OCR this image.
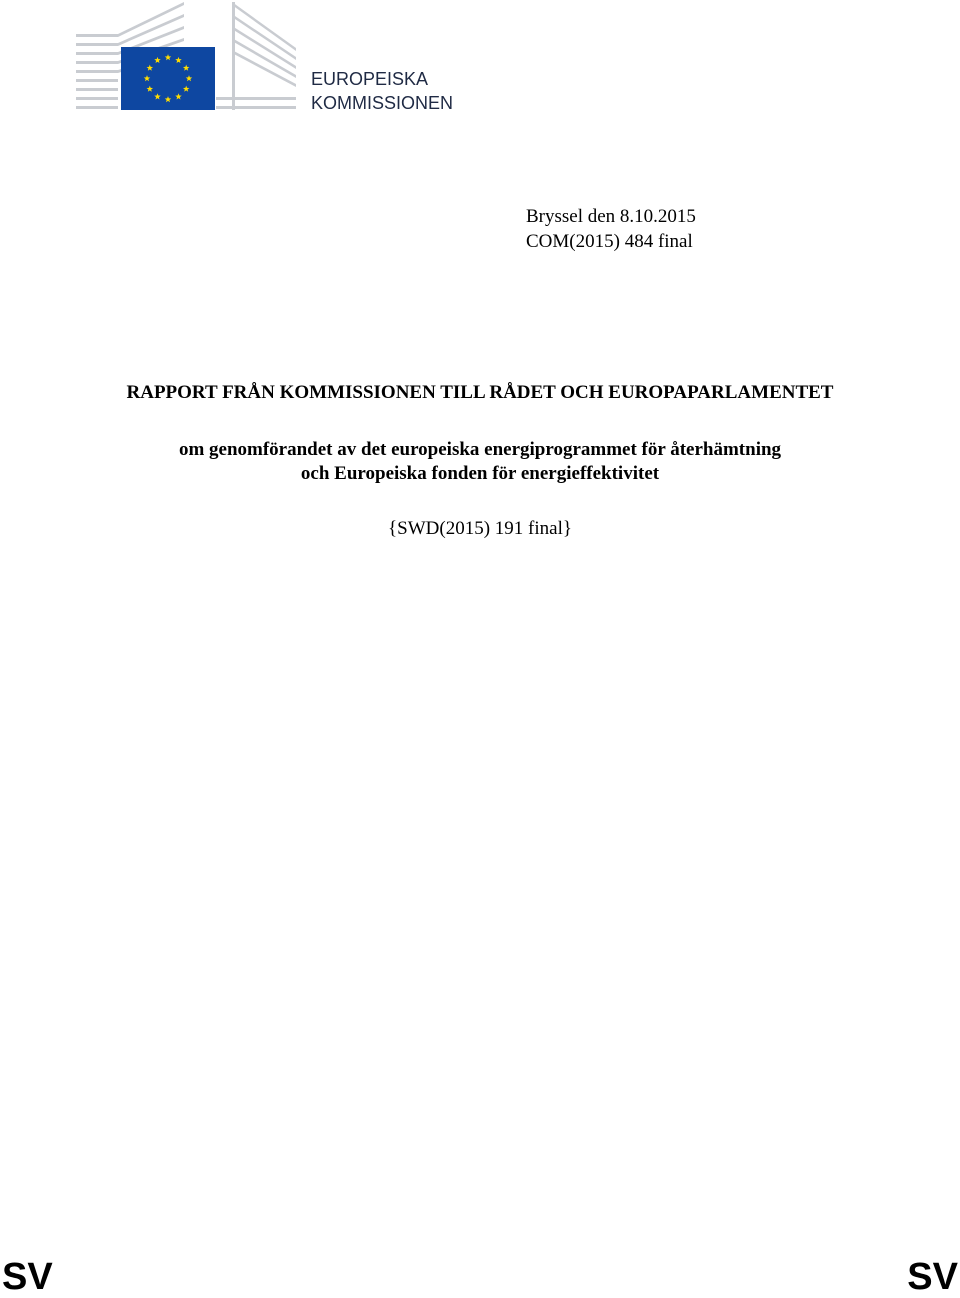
EUROPEISKA
KOMMISSIONEN
Bryssel den 8.10.2015
COM(2015) 484 final
RAPPORT FRÅN KOMMISSIONEN TILL RÅDET OCH EUROPAPARLAMENTET
om genomförandet av det europeiska energiprogrammet för återhämtning
och Europeiska fonden för energieffektivitet
{SWD(2015) 191 final}
SV	SV
